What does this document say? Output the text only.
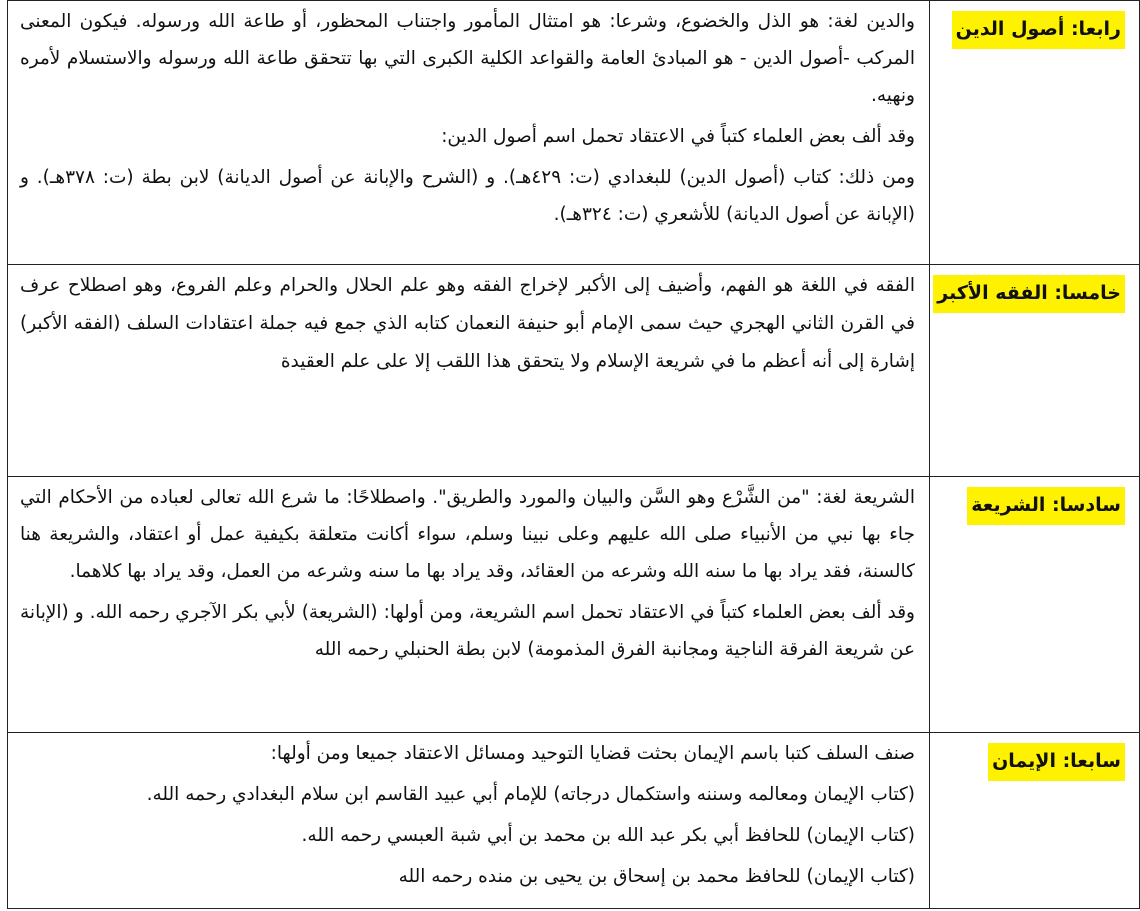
رابعا: أصول الدين	والدين لغة: هو الذل والخضوع، وشرعا: هو امتثال المأمور واجتناب المحظور، أو طاعة الله ورسوله. فيكون المعنى المركب -أصول الدين - هو المبادئ العامة والقواعد الكلية الكبرى التي بها تتحقق طاعة الله ورسوله والاستسلام لأمره ونهيه.

وقد ألف بعض العلماء كتباً في الاعتقاد تحمل اسم أصول الدين:

ومن ذلك: كتاب (أصول الدين) للبغدادي (ت: ٤٢٩هـ). و (الشرح والإبانة عن أصول الديانة) لابن بطة (ت: ٣٧٨هـ). و (الإبانة عن أصول الديانة) للأشعري (ت: ٣٢٤هـ).

خامسا: الفقه الأكبر	الفقه في اللغة هو الفهم، وأضيف إلى الأكبر لإخراج الفقه وهو علم الحلال والحرام وعلم الفروع، وهو اصطلاح عرف في القرن الثاني الهجري حيث سمى الإمام أبو حنيفة النعمان كتابه الذي جمع فيه جملة اعتقادات السلف (الفقه الأكبر) إشارة إلى أنه أعظم ما في شريعة الإسلام ولا يتحقق هذا اللقب إلا على علم العقيدة

سادسا: الشريعة	الشريعة لغة: "من الشَّرْع وهو السَّن والبيان والمورد والطريق". واصطلاحًا: ما شرع الله تعالى لعباده من الأحكام التي جاء بها نبي من الأنبياء صلى الله عليهم وعلى نبينا وسلم، سواء أكانت متعلقة بكيفية عمل أو اعتقاد، والشريعة هنا كالسنة، فقد يراد بها ما سنه الله وشرعه من العقائد، وقد يراد بها ما سنه وشرعه من العمل، وقد يراد بها كلاهما.

وقد ألف بعض العلماء كتباً في الاعتقاد تحمل اسم الشريعة، ومن أولها: (الشريعة) لأبي بكر الآجري رحمه الله. و (الإبانة عن شريعة الفرقة الناجية ومجانبة الفرق المذمومة) لابن بطة الحنبلي رحمه الله

سابعا: الإيمان	صنف السلف كتبا باسم الإيمان بحثت قضايا التوحيد ومسائل الاعتقاد جميعا ومن أولها:

(كتاب الإيمان ومعالمه وسننه واستكمال درجاته) للإمام أبي عبيد القاسم ابن سلام البغدادي رحمه الله.

(كتاب الإيمان) للحافظ أبي بكر عبد الله بن محمد بن أبي شبة العبسي رحمه الله.

(كتاب الإيمان) للحافظ محمد بن إسحاق بن يحيى بن منده رحمه الله
